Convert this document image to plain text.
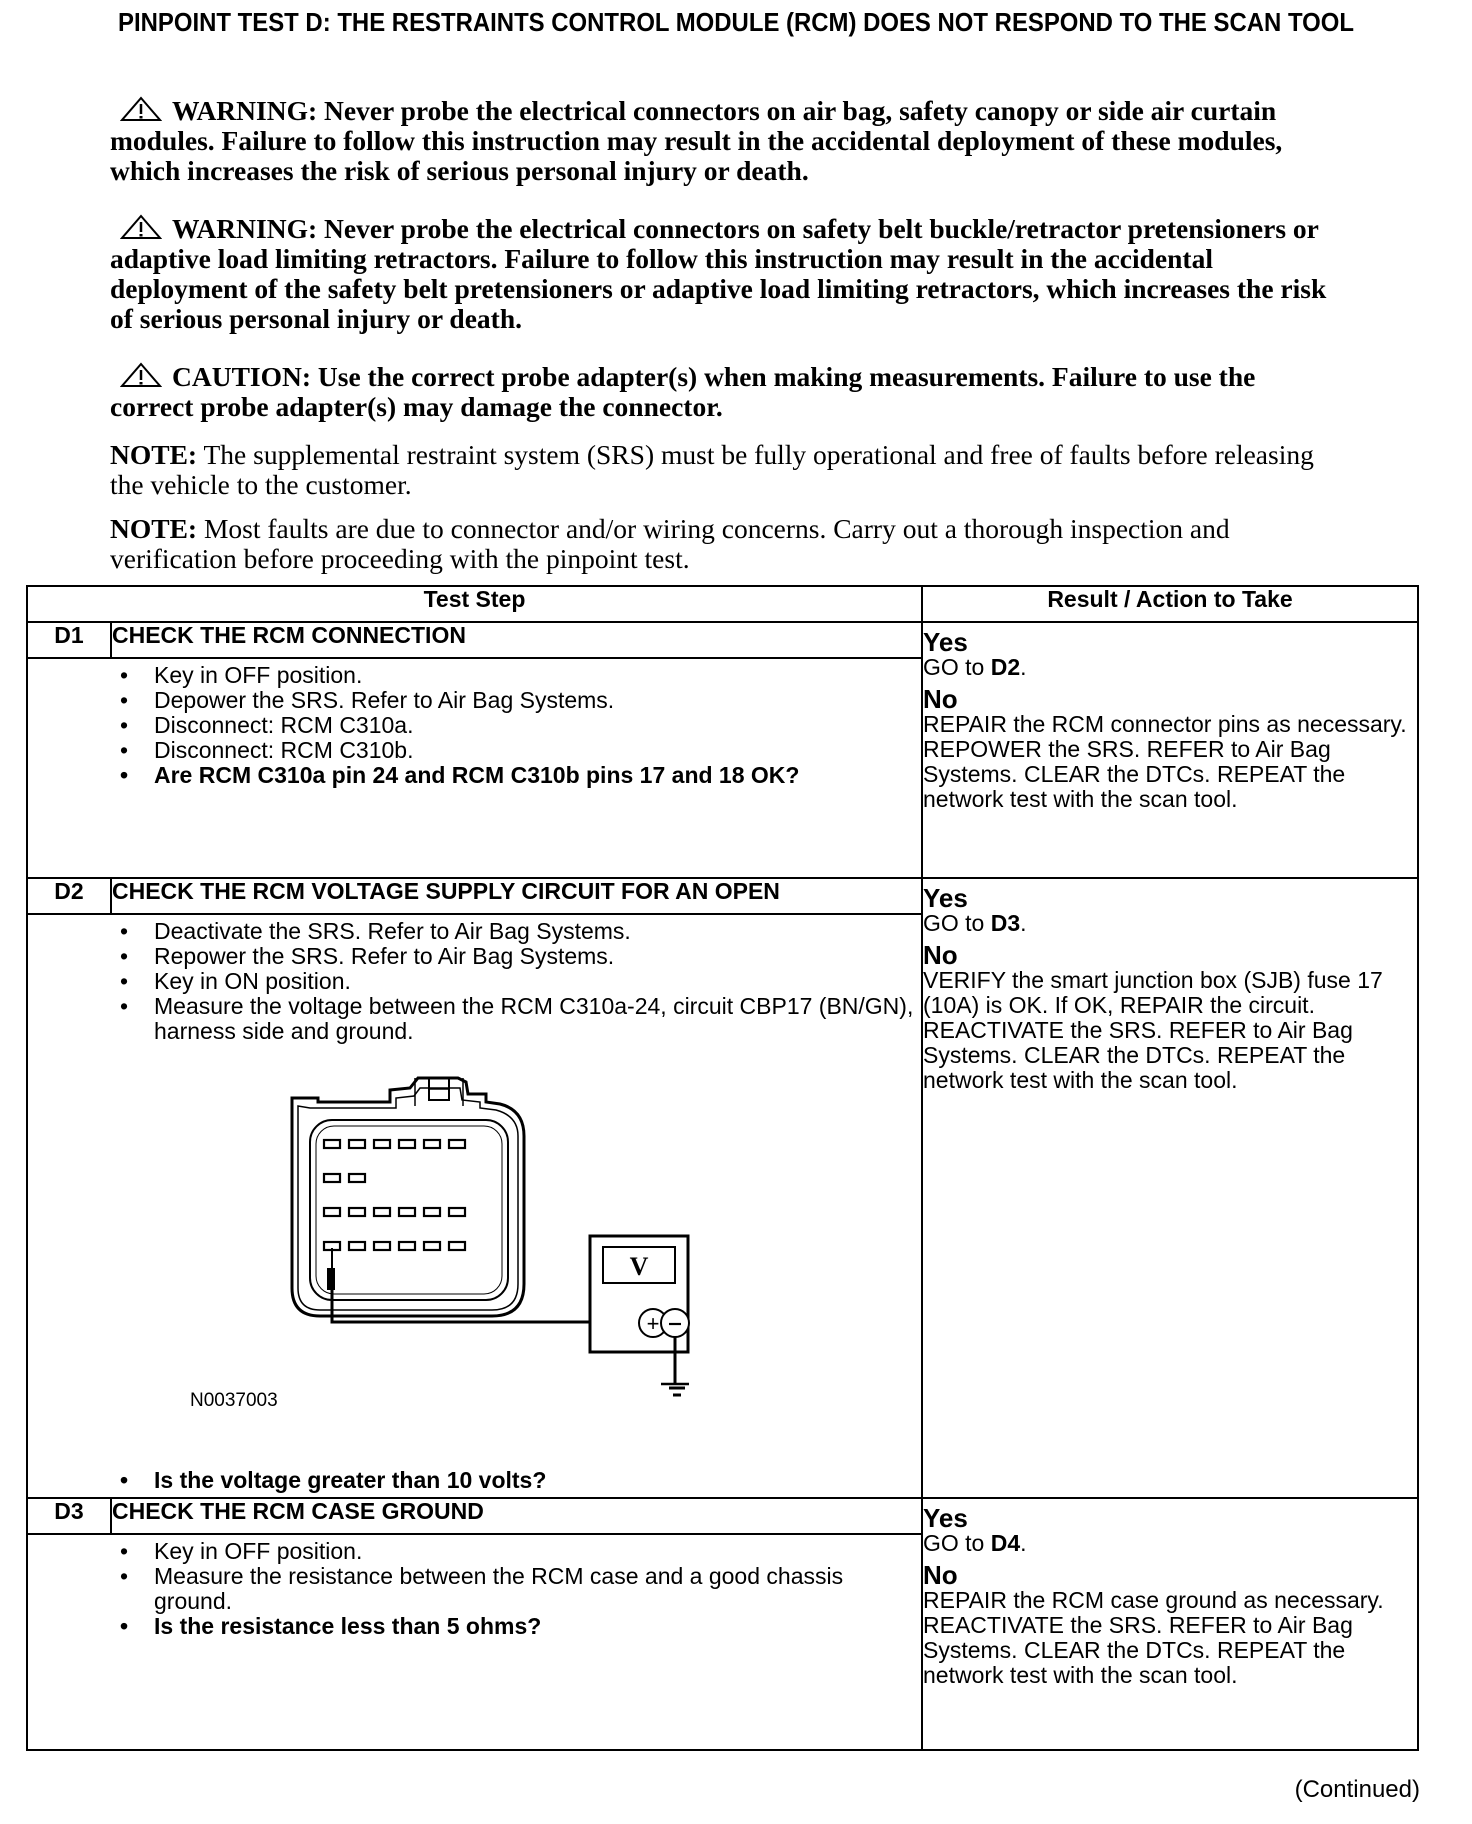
PINPOINT TEST D: THE RESTRAINTS CONTROL MODULE (RCM) DOES NOT RESPOND TO THE SCAN TOOL
WARNING: Never probe the electrical connectors on air bag, safety canopy or side air curtain modules. Failure to follow this instruction may result in the accidental deployment of these modules, which increases the risk of serious personal injury or death.
WARNING: Never probe the electrical connectors on safety belt buckle/retractor pretensioners or adaptive load limiting retractors. Failure to follow this instruction may result in the accidental deployment of the safety belt pretensioners or adaptive load limiting retractors, which increases the risk of serious personal injury or death.
CAUTION: Use the correct probe adapter(s) when making measurements. Failure to use the correct probe adapter(s) may damage the connector.
NOTE: The supplemental restraint system (SRS) must be fully operational and free of faults before releasing the vehicle to the customer.
NOTE: Most faults are due to connector and/or wiring concerns. Carry out a thorough inspection and verification before proceeding with the pinpoint test.
Test Step		Result / Action to Take
D1	CHECK THE RCM CONNECTION	Yes
GO to D2.
No
REPAIR the RCM connector pins as necessary. REPOWER the SRS. REFER to Air Bag Systems. CLEAR the DTCs. REPEAT the network test with the scan tool.

• Key in OFF position.
• Depower the SRS. Refer to Air Bag Systems.
• Disconnect: RCM C310a.
• Disconnect: RCM C310b.
• Are RCM C310a pin 24 and RCM C310b pins 17 and 18 OK?

D2	CHECK THE RCM VOLTAGE SUPPLY CIRCUIT FOR AN OPEN	Yes
GO to D3.
No
VERIFY the smart junction box (SJB) fuse 17 (10A) is OK. If OK, REPAIR the circuit. REACTIVATE the SRS. REFER to Air Bag Systems. CLEAR the DTCs. REPEAT the network test with the scan tool.

• Deactivate the SRS. Refer to Air Bag Systems.
• Repower the SRS. Refer to Air Bag Systems.
• Key in ON position.
• Measure the voltage between the RCM C310a-24, circuit CBP17 (BN/GN), harness side and ground.
V
+
N0037003
• Is the voltage greater than 10 volts?

D3	CHECK THE RCM CASE GROUND	Yes
GO to D4.
No
REPAIR the RCM case ground as necessary. REACTIVATE the SRS. REFER to Air Bag Systems. CLEAR the DTCs. REPEAT the network test with the scan tool.

• Key in OFF position.
• Measure the resistance between the RCM case and a good chassis ground.
• Is the resistance less than 5 ohms?
(Continued)
